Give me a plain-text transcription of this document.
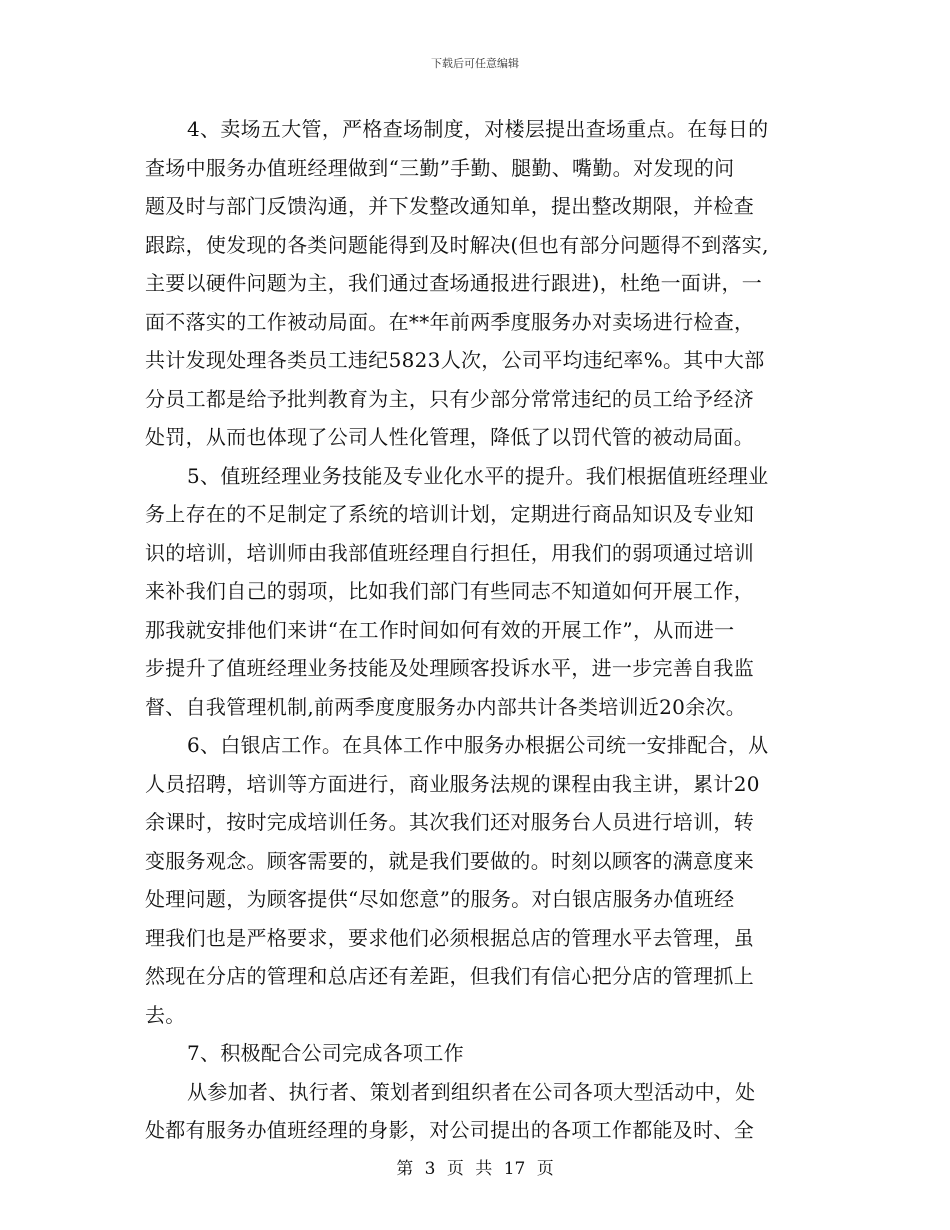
下载后可任意编辑
4、卖场五大管，严格查场制度，对楼层提出查场重点。在每日的
查场中服务办值班经理做到“三勤”手勤、腿勤、嘴勤。对发现的问
题及时与部门反馈沟通，并下发整改通知单，提出整改期限，并检查
跟踪，使发现的各类问题能得到及时解决(但也有部分问题得不到落实,
主要以硬件问题为主，我们通过查场通报进行跟进)，杜绝一面讲，一
面不落实的工作被动局面。在**年前两季度服务办对卖场进行检查，
共计发现处理各类员工违纪5823人次，公司平均违纪率%。其中大部
分员工都是给予批判教育为主，只有少部分常常违纪的员工给予经济
处罚，从而也体现了公司人性化管理，降低了以罚代管的被动局面。
5、值班经理业务技能及专业化水平的提升。我们根据值班经理业
务上存在的不足制定了系统的培训计划，定期进行商品知识及专业知
识的培训，培训师由我部值班经理自行担任，用我们的弱项通过培训
来补我们自己的弱项，比如我们部门有些同志不知道如何开展工作，
那我就安排他们来讲“在工作时间如何有效的开展工作”，从而进一
步提升了值班经理业务技能及处理顾客投诉水平，进一步完善自我监
督、自我管理机制,前两季度度服务办内部共计各类培训近20余次。
6、白银店工作。在具体工作中服务办根据公司统一安排配合，从
人员招聘，培训等方面进行，商业服务法规的课程由我主讲，累计20
余课时，按时完成培训任务。其次我们还对服务台人员进行培训，转
变服务观念。顾客需要的，就是我们要做的。时刻以顾客的满意度来
处理问题，为顾客提供“尽如您意”的服务。对白银店服务办值班经
理我们也是严格要求，要求他们必须根据总店的管理水平去管理，虽
然现在分店的管理和总店还有差距，但我们有信心把分店的管理抓上
去。
7、积极配合公司完成各项工作
从参加者、执行者、策划者到组织者在公司各项大型活动中，处
处都有服务办值班经理的身影，对公司提出的各项工作都能及时、全
第 3 页 共 17 页
